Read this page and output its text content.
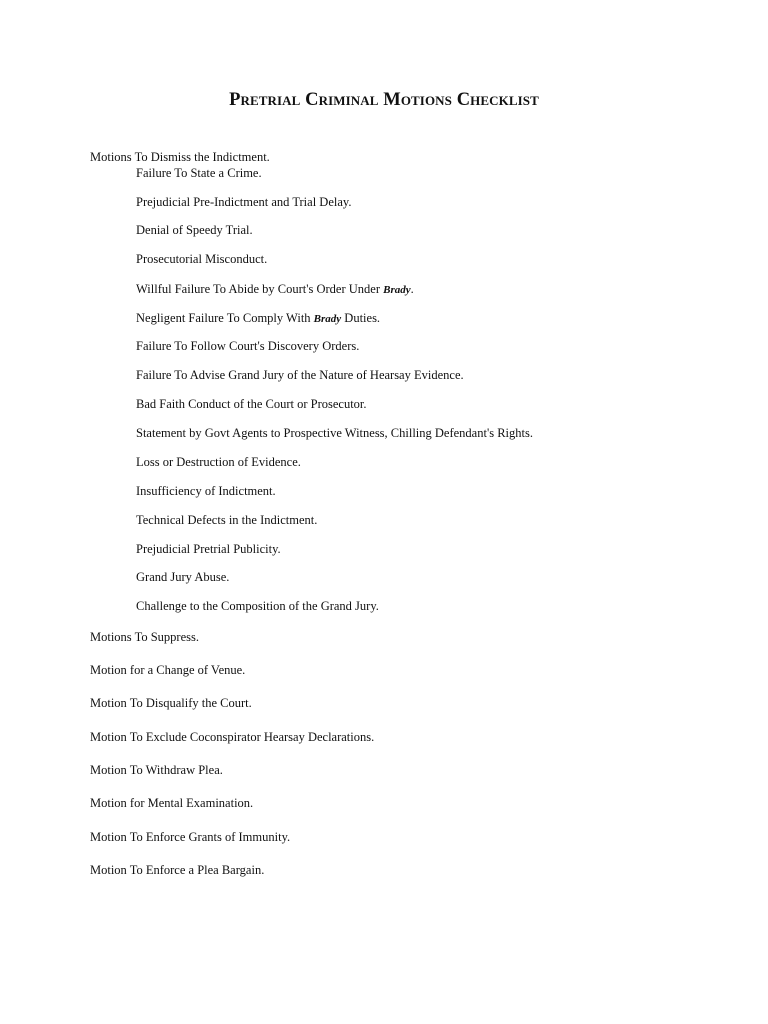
Pretrial Criminal Motions Checklist
Motions To Dismiss the Indictment.
Failure To State a Crime.
Prejudicial Pre-Indictment and Trial Delay.
Denial of Speedy Trial.
Prosecutorial Misconduct.
Willful Failure To Abide by Court's Order Under Brady.
Negligent Failure To Comply With Brady Duties.
Failure To Follow Court's Discovery Orders.
Failure To Advise Grand Jury of the Nature of Hearsay Evidence.
Bad Faith Conduct of the Court or Prosecutor.
Statement by Govt Agents to Prospective Witness, Chilling Defendant's Rights.
Loss or Destruction of Evidence.
Insufficiency of Indictment.
Technical Defects in the Indictment.
Prejudicial Pretrial Publicity.
Grand Jury Abuse.
Challenge to the Composition of the Grand Jury.
Motions To Suppress.
Motion for a Change of Venue.
Motion To Disqualify the Court.
Motion To Exclude Coconspirator Hearsay Declarations.
Motion To Withdraw Plea.
Motion for Mental Examination.
Motion To Enforce Grants of Immunity.
Motion To Enforce a Plea Bargain.
